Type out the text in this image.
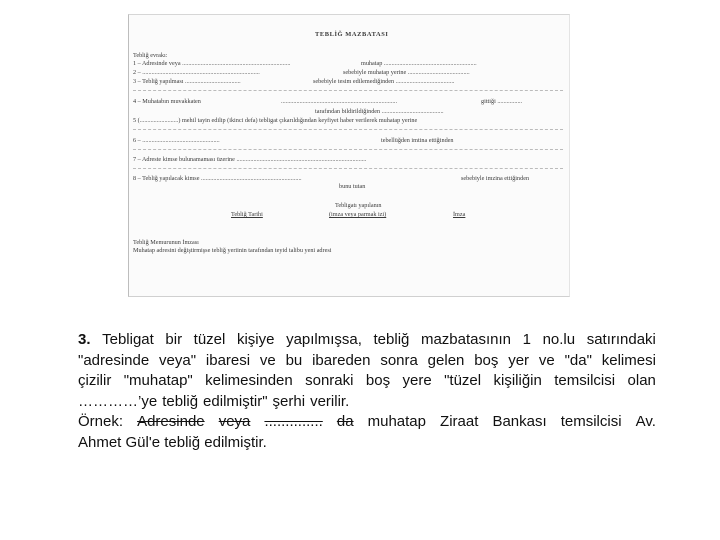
TEBLİĞ MAZBATASI
Tebliğ evrakı:
1 – Adresinde veya ......................................................................	muhatap ............................................................
2 – ............................................................................	sebebiyle muhatap yerine ........................................
3 – Tebliğ yapılması ....................................	sebebiyle tesim edilemediğinden ......................................
4 – Muhatabın muvakkaten	...........................................................................	gittiği ................
tarafından bildirildiğinden ........................................
5 (.........................) mehil tayin edilip (ikinci defa) tebligat çıkarıldığından keyfiyet haber verilerek muhatap yerine
6 – ..................................................	tebellüğden imtina ettiğinden
7 – Adreste kimse bulunamaması üzerine ....................................................................................
8 – Tebliğ yapılacak kimse .................................................................	sebebiyle imzina ettiğinden
bunu tutan
Tebligatı yapılanın
Tebliğ Tarihi	(imza veya parmak izi)	İmza
Tebliğ Memurunun İmzası
Muhatap adresini değiştirmişse tebliğ yeriinin tarafından teyid talibu yeni adresi
3. Tebligat bir tüzel kişiye yapılmışsa, tebliğ mazbatasının 1 no.lu satırındaki
"adresinde veya" ibaresi ve bu ibareden sonra gelen boş yer ve "da" kelimesi
çizilir "muhatap" kelimesinden sonraki boş yere "tüzel kişiliğin temsilcisi olan
…………’ye tebliğ edilmiştir" şerhi verilir.
Örnek: Adresinde veya .............. da muhatap Ziraat Bankası temsilcisi Av.
Ahmet Gül'e tebliğ edilmiştir.
